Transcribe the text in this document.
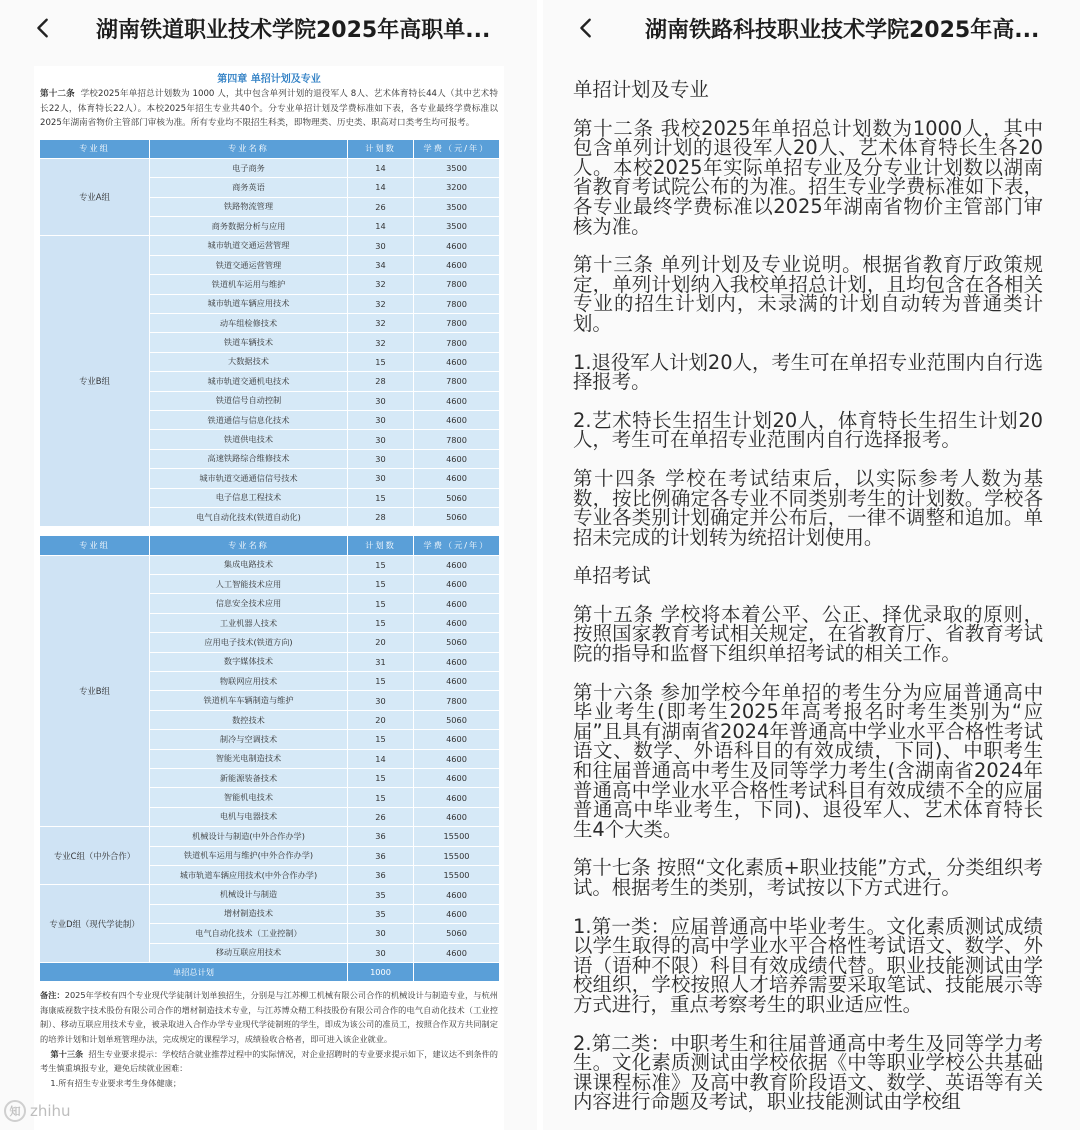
湖南铁道职业技术学院2025年高职单...
第四章 单招计划及专业

第十二条 学校2025年单招总计划数为 1000 人，其中包含单列计划的退役军人 8人、艺术体育特长44人（其中艺术特长22人，体育特长22人）。本校2025年招生专业共40个。分专业单招计划及学费标准如下表，各专业最终学费标准以2025年湖南省物价主管部门审核为准。所有专业均不限招生科类，即物理类、历史类、职高对口类考生均可报考。

专业组	专业名称	计划数	学费（元/年）
专业A组	电子商务	14	3500
	商务英语	14	3200
	铁路物流管理	26	3500
	商务数据分析与应用	14	3500
专业B组	城市轨道交通运营管理	30	4600
	铁道交通运营管理	34	4600
	铁道机车运用与维护	32	7800
	城市轨道车辆应用技术	32	7800
	动车组检修技术	32	7800
	铁道车辆技术	32	7800
	大数据技术	15	4600
	城市轨道交通机电技术	28	7800
	铁道信号自动控制	30	4600
	铁道通信与信息化技术	30	4600
	铁道供电技术	30	7800
	高速铁路综合维修技术	30	4600
	城市轨道交通通信信号技术	30	4600
	电子信息工程技术	15	5060
	电气自动化技术(铁道自动化)	28	5060
专业组	专业名称	计划数	学费（元/年）
专业B组	集成电路技术	15	4600
	人工智能技术应用	15	4600
	信息安全技术应用	15	4600
	工业机器人技术	15	4600
	应用电子技术(铁道方向)	20	5060
	数字媒体技术	31	4600
	物联网应用技术	15	4600
	铁道机车车辆制造与维护	30	7800
	数控技术	20	5060
	制冷与空调技术	15	4600
	智能光电制造技术	14	4600
	新能源装备技术	15	4600
	智能机电技术	15	4600
	电机与电器技术	26	4600
专业C组（中外合作）	机械设计与制造(中外合作办学)	36	15500
	铁道机车运用与维护(中外合作办学)	36	15500
	城市轨道车辆应用技术(中外合作办学)	36	15500
专业D组（现代学徒制）	机械设计与制造	35	4600
	增材制造技术	35	4600
	电气自动化技术（工业控制）	30	5060
	移动互联应用技术	30	4600
单招总计划		1000	

备注：2025年学校有四个专业现代学徒制计划单独招生，分别是与江苏柳工机械有限公司合作的机械设计与制造专业，与杭州海康威视数字技术股份有限公司合作的增材制造技术专业，与江苏博众精工科技股份有限公司合作的电气自动化技术（工业控制）、移动互联应用技术专业，被录取进入合作办学专业现代学徒制班的学生，即成为该公司的准员工，按照合作双方共同制定的培养计划和计划单班管理办法，完成规定的课程学习，成绩验收合格者，即可进入该企业就业。

第十三条 招生专业要求提示：学校结合就业推荐过程中的实际情况，对企业招聘时的专业要求提示如下，建议达不到条件的考生慎重填报专业，避免后续就业困难：

1.所有招生专业要求考生身体健康；

知 zhihu
湖南铁路科技职业技术学院2025年高...

单招计划及专业

第十二条 我校2025年单招总计划数为1000人，其中包含单列计划的退役军人20人、艺术体育特长生各20人。本校2025年实际单招专业及分专业计划数以湖南省教育考试院公布的为准。招生专业学费标准如下表，各专业最终学费标准以2025年湖南省物价主管部门审核为准。

第十三条 单列计划及专业说明。根据省教育厅政策规定，单列计划纳入我校单招总计划，且均包含在各相关专业的招生计划内，未录满的计划自动转为普通类计划。

1.退役军人计划20人，考生可在单招专业范围内自行选择报考。

2.艺术特长生招生计划20人，体育特长生招生计划20人，考生可在单招专业范围内自行选择报考。

第十四条 学校在考试结束后，以实际参考人数为基数，按比例确定各专业不同类别考生的计划数。学校各专业各类别计划确定并公布后，一律不调整和追加。单招未完成的计划转为统招计划使用。

单招考试

第十五条 学校将本着公平、公正、择优录取的原则，按照国家教育考试相关规定，在省教育厅、省教育考试院的指导和监督下组织单招考试的相关工作。

第十六条 参加学校今年单招的考生分为应届普通高中毕业考生(即考生2025年高考报名时考生类别为“应届”且具有湖南省2024年普通高中学业水平合格性考试语文、数学、外语科目的有效成绩，下同)、中职考生和往届普通高中考生及同等学力考生(含湖南省2024年普通高中学业水平合格性考试科目有效成绩不全的应届普通高中毕业考生，下同)、退役军人、艺术体育特长生4个大类。

第十七条 按照“文化素质+职业技能”方式，分类组织考试。根据考生的类别，考试按以下方式进行。

1.第一类：应届普通高中毕业考生。文化素质测试成绩以学生取得的高中学业水平合格性考试语文、数学、外语（语种不限）科目有效成绩代替。职业技能测试由学校组织，学校按照人才培养需要采取笔试、技能展示等方式进行，重点考察考生的职业适应性。

2.第二类：中职考生和往届普通高中考生及同等学力考生。文化素质测试由学校依据《中等职业学校公共基础课课程标准》及高中教育阶段语文、数学、英语等有关内容进行命题及考试，职业技能测试由学校组
